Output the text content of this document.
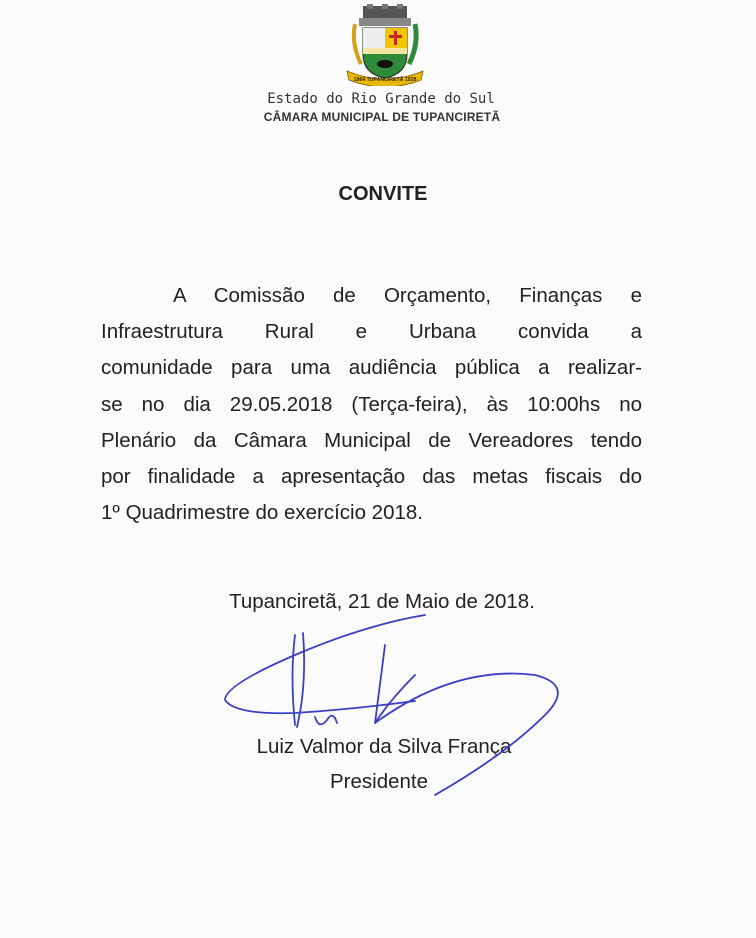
1864 TUPANCIRETÃ 1928
Estado do Rio Grande do Sul
CÂMARA MUNICIPAL DE TUPANCIRETÃ
CONVITE
A Comissão de Orçamento, Finanças e
Infraestrutura Rural e Urbana convida a
comunidade para uma audiência pública a realizar-
se no dia 29.05.2018 (Terça-feira), às 10:00hs no
Plenário da Câmara Municipal de Vereadores tendo
por finalidade a apresentação das metas fiscais do
1º Quadrimestre do exercício 2018.
Tupanciretã, 21 de Maio de 2018.
Luiz Valmor da Silva França
Presidente
